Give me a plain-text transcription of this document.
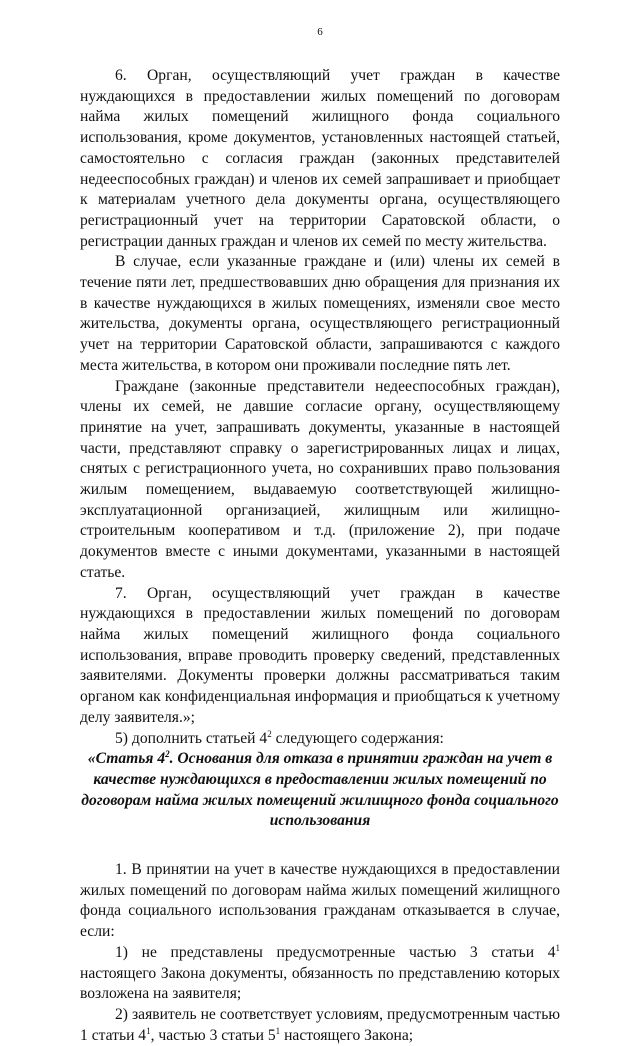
6

6. Орган, осуществляющий учет граждан в качестве нуждающихся в предоставлении жилых помещений по договорам найма жилых помещений жилищного фонда социального использования, кроме документов, установленных настоящей статьей, самостоятельно с согласия граждан (законных представителей недееспособных граждан) и членов их семей запрашивает и приобщает к материалам учетного дела документы органа, осуществляющего регистрационный учет на территории Саратовской области, о регистрации данных граждан и членов их семей по месту жительства.

В случае, если указанные граждане и (или) члены их семей в течение пяти лет, предшествовавших дню обращения для признания их в качестве нуждающихся в жилых помещениях, изменяли свое место жительства, документы органа, осуществляющего регистрационный учет на территории Саратовской области, запрашиваются с каждого места жительства, в котором они проживали последние пять лет.

Граждане (законные представители недееспособных граждан), члены их семей, не давшие согласие органу, осуществляющему принятие на учет, запрашивать документы, указанные в настоящей части, представляют справку о зарегистрированных лицах и лицах, снятых с регистрационного учета, но сохранивших право пользования жилым помещением, выдаваемую соответствующей жилищно-эксплуатационной организацией, жилищным или жилищно-строительным кооперативом и т.д. (приложение 2), при подаче документов вместе с иными документами, указанными в настоящей статье.

7. Орган, осуществляющий учет граждан в качестве нуждающихся в предоставлении жилых помещений по договорам найма жилых помещений жилищного фонда социального использования, вправе проводить проверку сведений, представленных заявителями. Документы проверки должны рассматриваться таким органом как конфиденциальная информация и приобщаться к учетному делу заявителя.»;

5) дополнить статьей $4^2$ следующего содержания:

«Статья $4^2$. Основания для отказа в принятии граждан на учет в качестве нуждающихся в предоставлении жилых помещений по договорам найма жилых помещений жилищного фонда социального использования

1. В принятии на учет в качестве нуждающихся в предоставлении жилых помещений по договорам найма жилых помещений жилищного фонда социального использования гражданам отказывается в случае, если:

1) не представлены предусмотренные частью 3 статьи $4^1$ настоящего Закона документы, обязанность по представлению которых возложена на заявителя;

2) заявитель не соответствует условиям, предусмотренным частью 1 статьи $4^1$, частью 3 статьи $5^1$ настоящего Закона;
